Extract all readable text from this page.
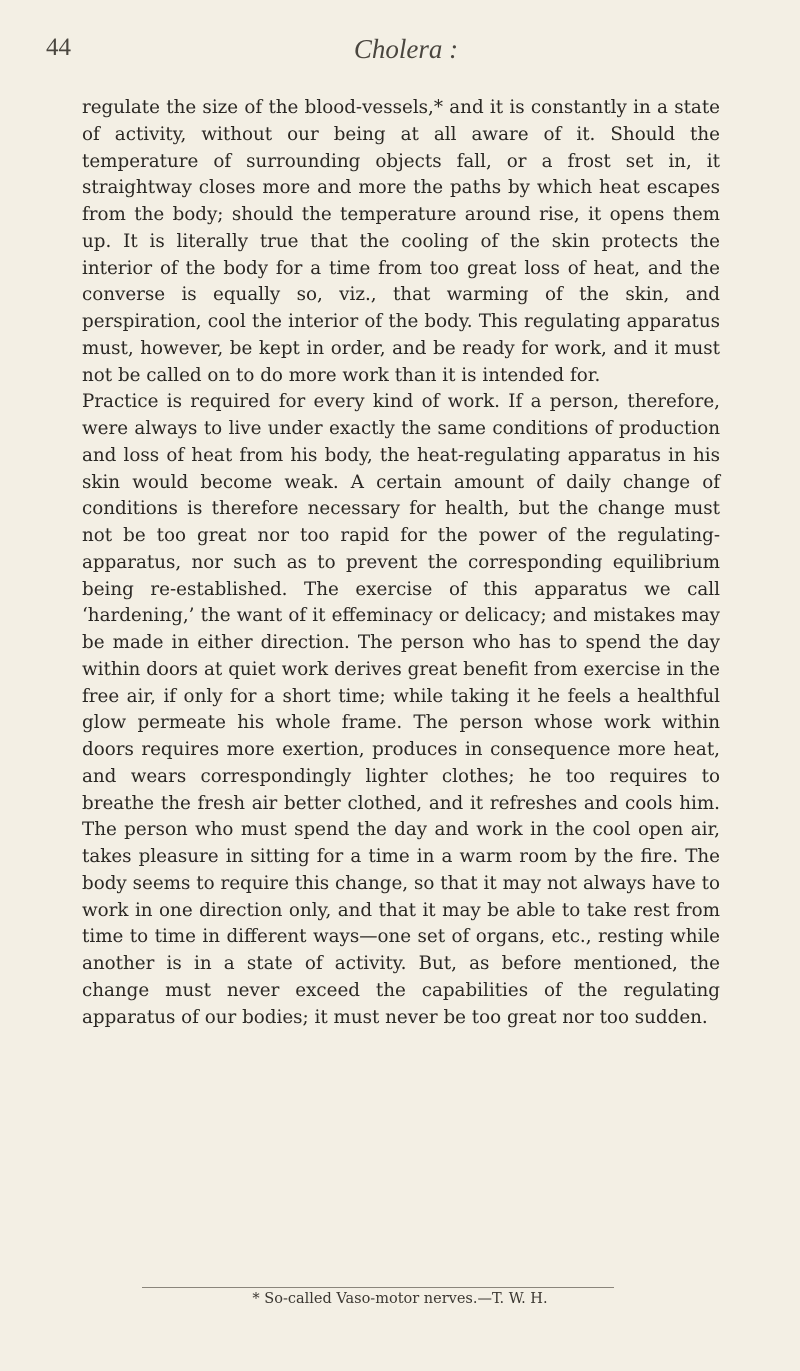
44	Cholera :

regulate the size of the blood-vessels,* and it is constantly in a state of activity, without our being at all aware of it. Should the temperature of surrounding objects fall, or a frost set in, it straightway closes more and more the paths by which heat escapes from the body; should the temperature around rise, it opens them up. It is literally true that the cooling of the skin protects the interior of the body for a time from too great loss of heat, and the converse is equally so, viz., that warming of the skin, and perspiration, cool the interior of the body. This regulating apparatus must, however, be kept in order, and be ready for work, and it must not be called on to do more work than it is intended for.

Practice is required for every kind of work. If a person, therefore, were always to live under exactly the same conditions of production and loss of heat from his body, the heat-regulating apparatus in his skin would become weak. A certain amount of daily change of conditions is therefore necessary for health, but the change must not be too great nor too rapid for the power of the regulating-apparatus, nor such as to prevent the corresponding equilibrium being re-established. The exercise of this apparatus we call ‘hardening,’ the want of it effeminacy or delicacy; and mistakes may be made in either direction. The person who has to spend the day within doors at quiet work derives great benefit from exercise in the free air, if only for a short time; while taking it he feels a healthful glow permeate his whole frame. The person whose work within doors requires more exertion, produces in consequence more heat, and wears correspondingly lighter clothes; he too requires to breathe the fresh air better clothed, and it refreshes and cools him. The person who must spend the day and work in the cool open air, takes pleasure in sitting for a time in a warm room by the fire. The body seems to require this change, so that it may not always have to work in one direction only, and that it may be able to take rest from time to time in different ways—one set of organs, etc., resting while another is in a state of activity. But, as before mentioned, the change must never exceed the capabilities of the regulating apparatus of our bodies; it must never be too great nor too sudden.

* So-called Vaso-motor nerves.—T. W. H.
